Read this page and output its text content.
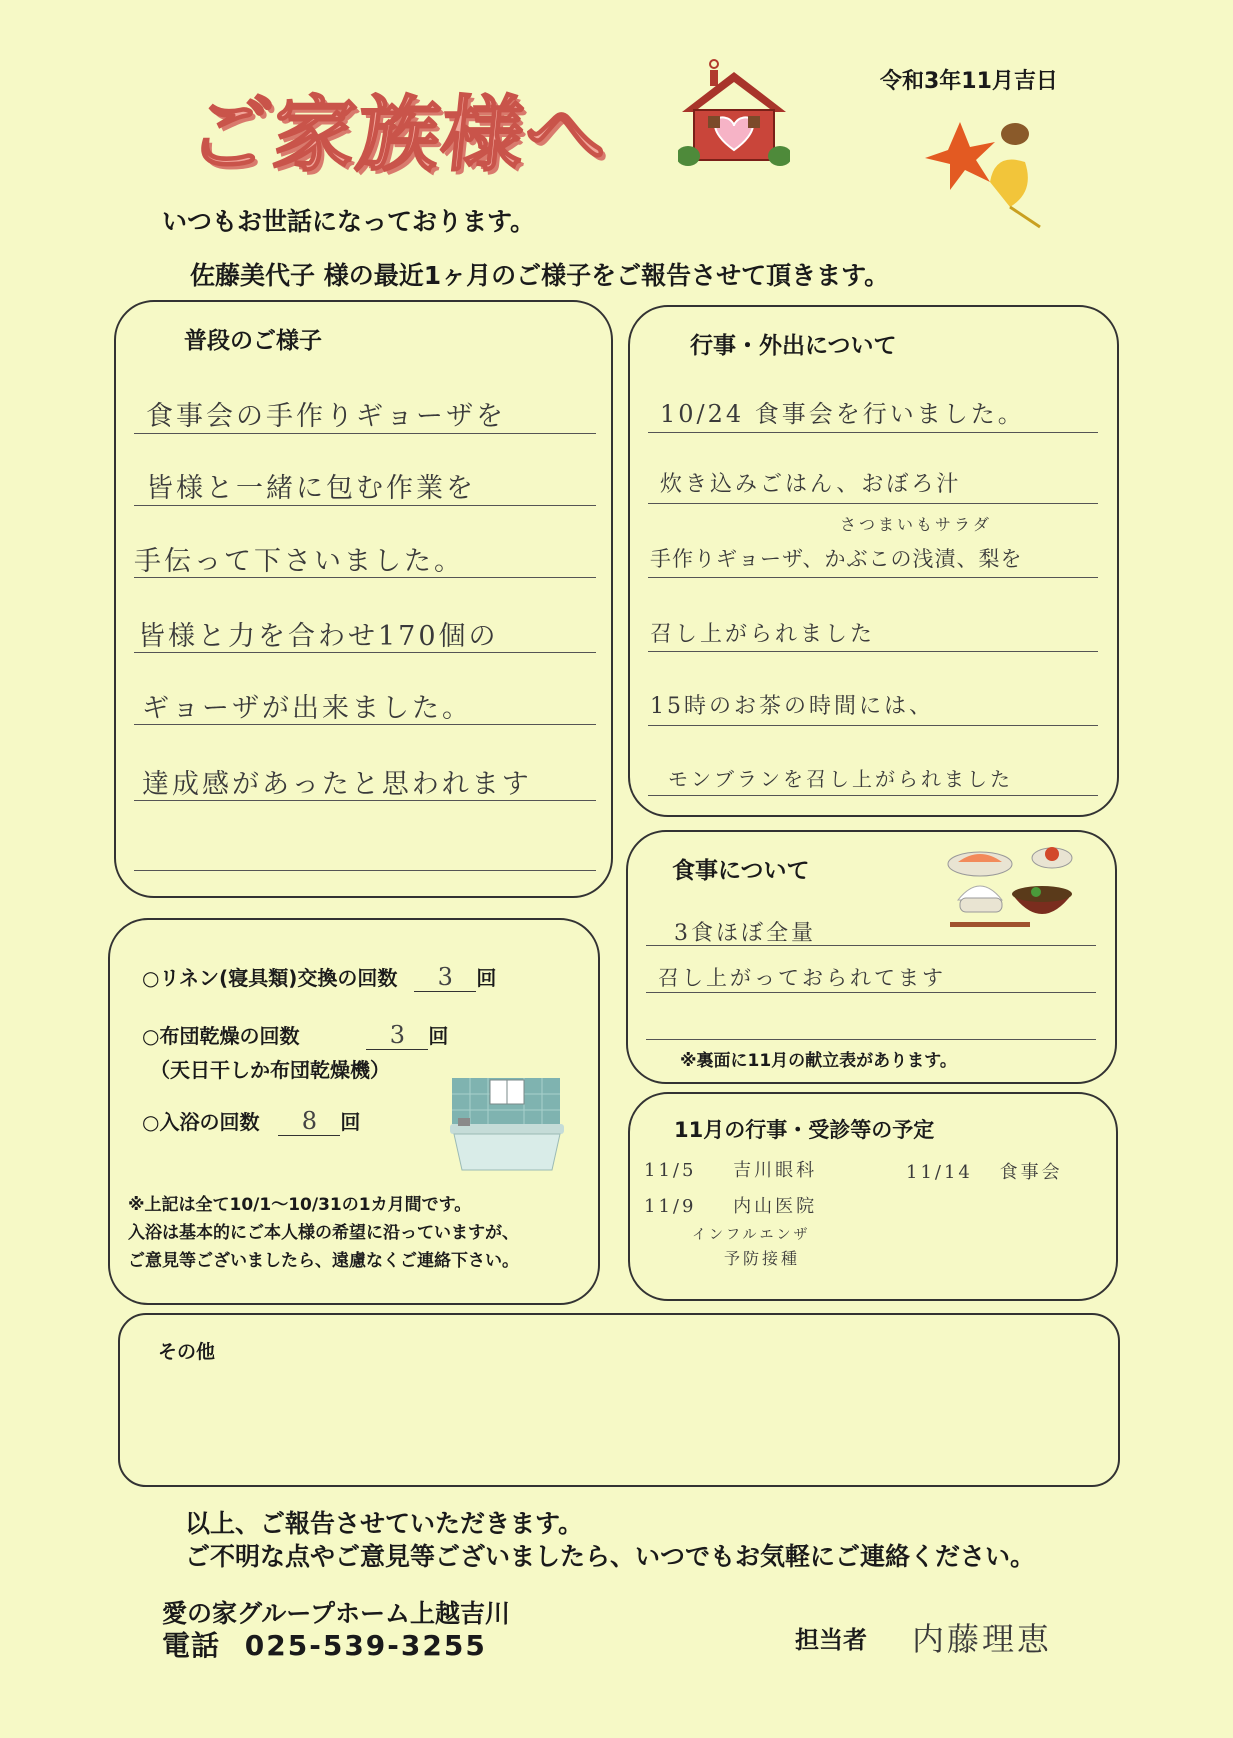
ご家族様へ
令和3年11月吉日
いつもお世話になっております。
佐藤美代子 様の最近1ヶ月のご様子をご報告させて頂きます。
普段のご様子
食事会の手作りギョーザを
皆様と一緒に包む作業を
手伝って下さいました。
皆様と力を合わせ170個の
ギョーザが出来ました。
達成感があったと思われます
行事・外出について
10/24 食事会を行いました。
炊き込みごはん、おぼろ汁
さつまいもサラダ
手作りギョーザ、かぶこの浅漬、梨を
召し上がられました
15時のお茶の時間には、
モンブランを召し上がられました
食事について
3食ほぼ全量
召し上がっておられてます
※裏面に11月の献立表があります。
○リネン(寝具類)交換の回数 3 回
○布団乾燥の回数	3 回
（天日干しか布団乾燥機）
○入浴の回数 8 回
※上記は全て10/1～10/31の1カ月間です。
入浴は基本的にご本人様の希望に沿っていますが、
ご意見等ございましたら、遠慮なくご連絡下さい。
11月の行事・受診等の予定
11/5 吉川眼科
11/9 内山医院
インフルエンザ
予防接種
11/14 食事会
その他
以上、ご報告させていただきます。
ご不明な点やご意見等ございましたら、いつでもお気軽にご連絡ください。
愛の家グループホーム上越吉川
電話 025-539-3255	担当者 内藤理恵
